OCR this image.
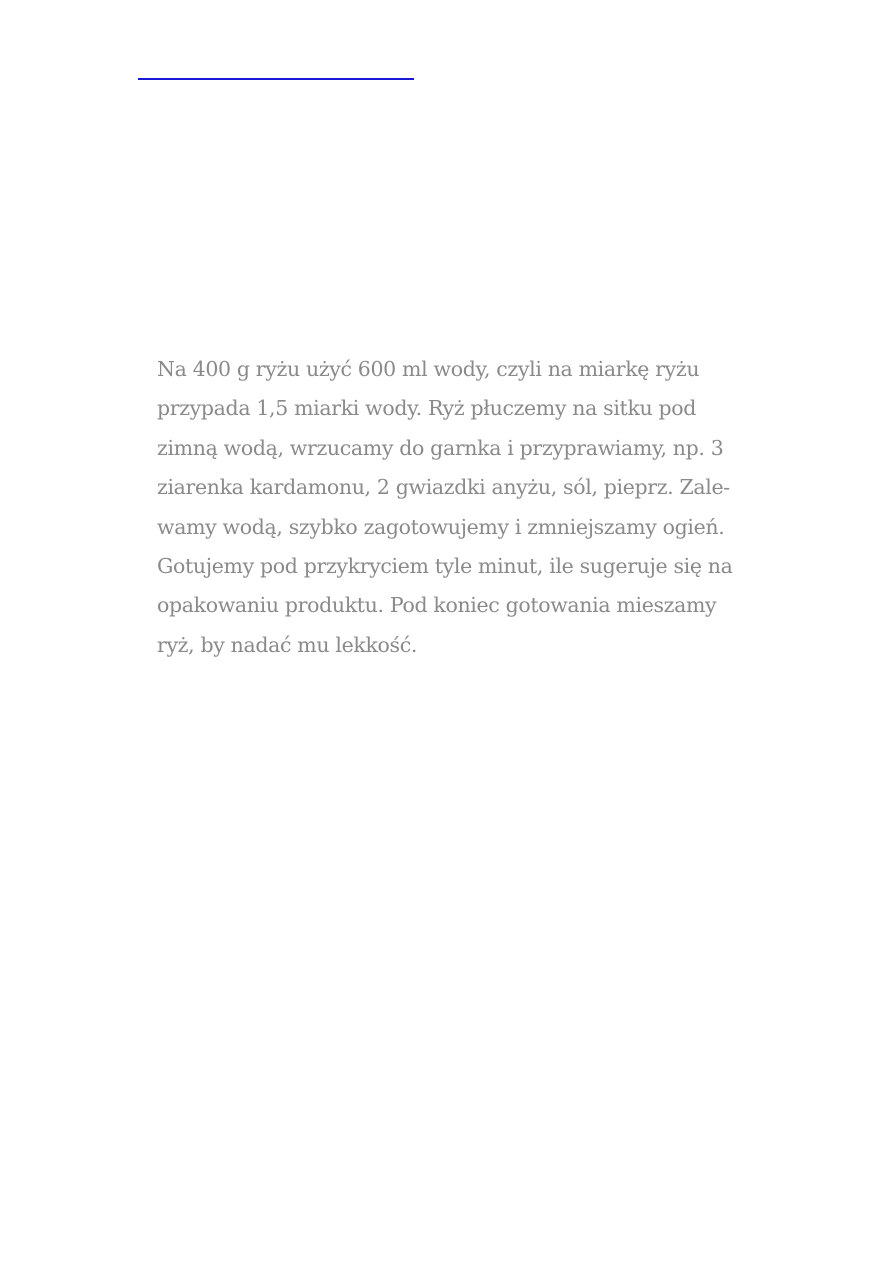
Na 400 g ryżu użyć 600 ml wody, czyli na miarkę ryżu
przypada 1,5 miarki wody. Ryż płuczemy na sitku pod
zimną wodą, wrzucamy do garnka i przyprawiamy, np. 3
ziarenka kardamonu, 2 gwiazdki anyżu, sól, pieprz. Zale-
wamy wodą, szybko zagotowujemy i zmniejszamy ogień.
Gotujemy pod przykryciem tyle minut, ile sugeruje się na
opakowaniu produktu. Pod koniec gotowania mieszamy
ryż, by nadać mu lekkość.
